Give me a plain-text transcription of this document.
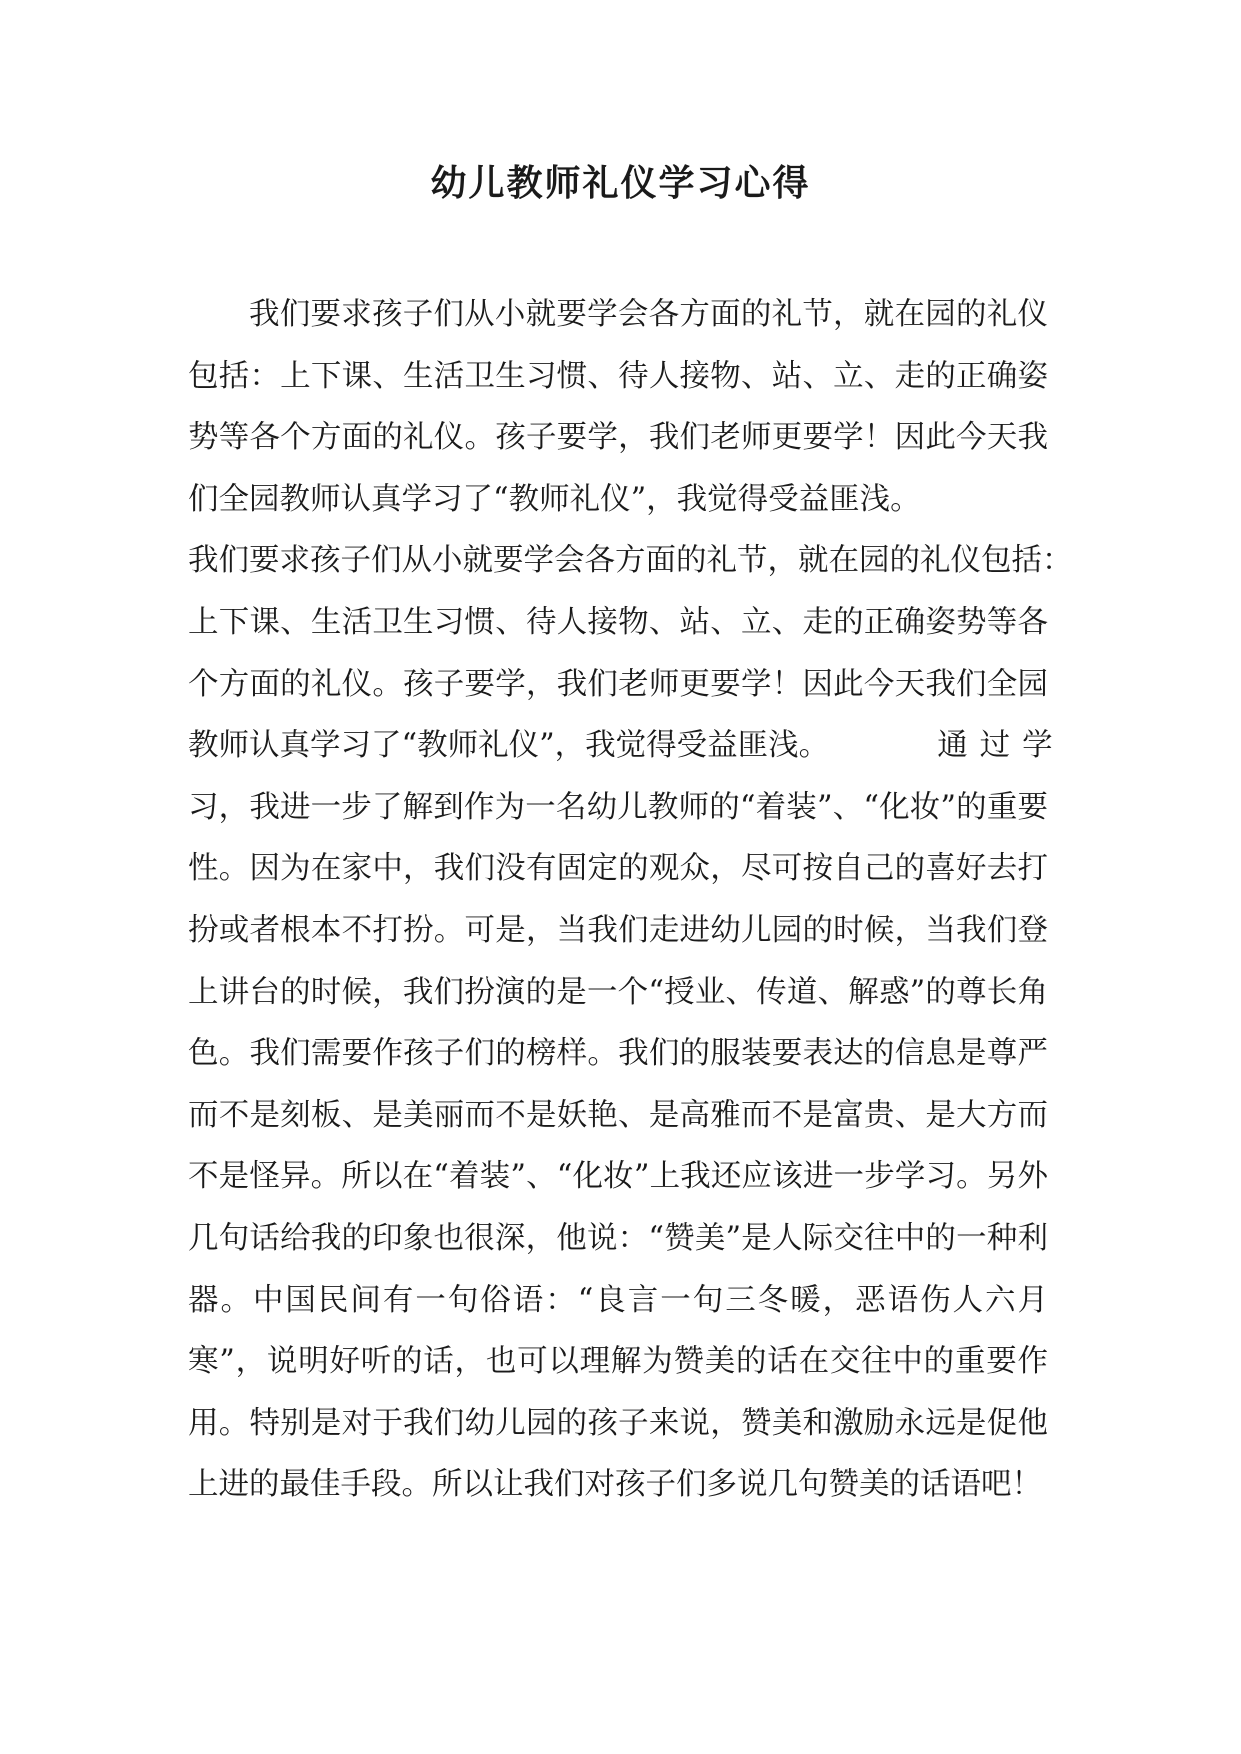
幼儿教师礼仪学习心得
我们要求孩子们从小就要学会各方面的礼节，就在园的礼仪
包括：上下课、生活卫生习惯、待人接物、站、立、走的正确姿
势等各个方面的礼仪。孩子要学，我们老师更要学！因此今天我
们全园教师认真学习了“教师礼仪”，我觉得受益匪浅。
我们要求孩子们从小就要学会各方面的礼节，就在园的礼仪包括：
上下课、生活卫生习惯、待人接物、站、立、走的正确姿势等各
个方面的礼仪。孩子要学，我们老师更要学！因此今天我们全园
教师认真学习了“教师礼仪”，我觉得受益匪浅。	通过学
习，我进一步了解到作为一名幼儿教师的“着装”、“化妆”的重要
性。因为在家中，我们没有固定的观众，尽可按自己的喜好去打
扮或者根本不打扮。可是，当我们走进幼儿园的时候，当我们登
上讲台的时候，我们扮演的是一个“授业、传道、解惑”的尊长角
色。我们需要作孩子们的榜样。我们的服装要表达的信息是尊严
而不是刻板、是美丽而不是妖艳、是高雅而不是富贵、是大方而
不是怪异。所以在“着装”、“化妆”上我还应该进一步学习。另外
几句话给我的印象也很深，他说：“赞美”是人际交往中的一种利
器。中国民间有一句俗语：“良言一句三冬暖，恶语伤人六月
寒”，说明好听的话，也可以理解为赞美的话在交往中的重要作
用。特别是对于我们幼儿园的孩子来说，赞美和激励永远是促他
上进的最佳手段。所以让我们对孩子们多说几句赞美的话语吧！
